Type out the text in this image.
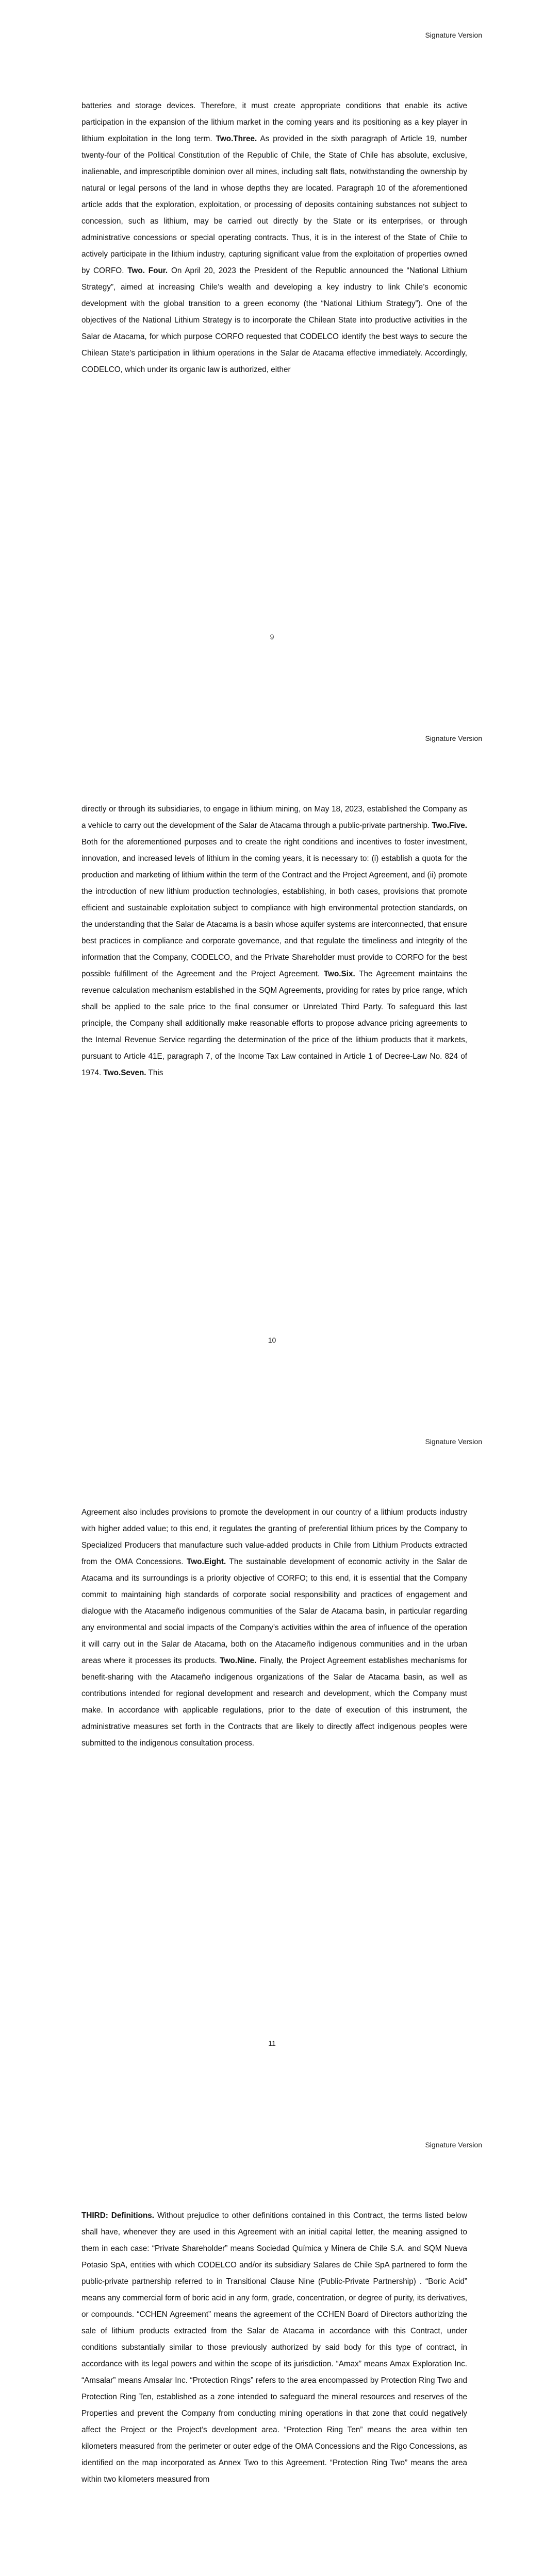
Signature Version
batteries and storage devices. Therefore, it must create appropriate conditions that enable its active participation in the expansion of the lithium market in the coming years and its positioning as a key player in lithium exploitation in the long term. Two.Three. As provided in the sixth paragraph of Article 19, number twenty-four of the Political Constitution of the Republic of Chile, the State of Chile has absolute, exclusive, inalienable, and imprescriptible dominion over all mines, including salt flats, notwithstanding the ownership by natural or legal persons of the land in whose depths they are located. Paragraph 10 of the aforementioned article adds that the exploration, exploitation, or processing of deposits containing substances not subject to concession, such as lithium, may be carried out directly by the State or its enterprises, or through administrative concessions or special operating contracts. Thus, it is in the interest of the State of Chile to actively participate in the lithium industry, capturing significant value from the exploitation of properties owned by CORFO. Two. Four. On April 20, 2023 the President of the Republic announced the “National Lithium Strategy”, aimed at increasing Chile’s wealth and developing a key industry to link Chile’s economic development with the global transition to a green economy (the “National Lithium Strategy”). One of the objectives of the National Lithium Strategy is to incorporate the Chilean State into productive activities in the Salar de Atacama, for which purpose CORFO requested that CODELCO identify the best ways to secure the Chilean State’s participation in lithium operations in the Salar de Atacama effective immediately. Accordingly, CODELCO, which under its organic law is authorized, either
9
Signature Version
directly or through its subsidiaries, to engage in lithium mining, on May 18, 2023, established the Company as a vehicle to carry out the development of the Salar de Atacama through a public-private partnership. Two.Five. Both for the aforementioned purposes and to create the right conditions and incentives to foster investment, innovation, and increased levels of lithium in the coming years, it is necessary to: (i) establish a quota for the production and marketing of lithium within the term of the Contract and the Project Agreement, and (ii) promote the introduction of new lithium production technologies, establishing, in both cases, provisions that promote efficient and sustainable exploitation subject to compliance with high environmental protection standards, on the understanding that the Salar de Atacama is a basin whose aquifer systems are interconnected, that ensure best practices in compliance and corporate governance, and that regulate the timeliness and integrity of the information that the Company, CODELCO, and the Private Shareholder must provide to CORFO for the best possible fulfillment of the Agreement and the Project Agreement. Two.Six. The Agreement maintains the revenue calculation mechanism established in the SQM Agreements, providing for rates by price range, which shall be applied to the sale price to the final consumer or Unrelated Third Party. To safeguard this last principle, the Company shall additionally make reasonable efforts to propose advance pricing agreements to the Internal Revenue Service regarding the determination of the price of the lithium products that it markets, pursuant to Article 41E, paragraph 7, of the Income Tax Law contained in Article 1 of Decree-Law No. 824 of 1974. Two.Seven. This
10
Signature Version
Agreement also includes provisions to promote the development in our country of a lithium products industry with higher added value; to this end, it regulates the granting of preferential lithium prices by the Company to Specialized Producers that manufacture such value-added products in Chile from Lithium Products extracted from the OMA Concessions. Two.Eight. The sustainable development of economic activity in the Salar de Atacama and its surroundings is a priority objective of CORFO; to this end, it is essential that the Company commit to maintaining high standards of corporate social responsibility and practices of engagement and dialogue with the Atacameño indigenous communities of the Salar de Atacama basin, in particular regarding any environmental and social impacts of the Company’s activities within the area of influence of the operation it will carry out in the Salar de Atacama, both on the Atacameño indigenous communities and in the urban areas where it processes its products. Two.Nine. Finally, the Project Agreement establishes mechanisms for benefit-sharing with the Atacameño indigenous organizations of the Salar de Atacama basin, as well as contributions intended for regional development and research and development, which the Company must make. In accordance with applicable regulations, prior to the date of execution of this instrument, the administrative measures set forth in the Contracts that are likely to directly affect indigenous peoples were submitted to the indigenous consultation process.
11
Signature Version
THIRD: Definitions. Without prejudice to other definitions contained in this Contract, the terms listed below shall have, whenever they are used in this Agreement with an initial capital letter, the meaning assigned to them in each case: “Private Shareholder” means Sociedad Química y Minera de Chile S.A. and SQM Nueva Potasio SpA, entities with which CODELCO and/or its subsidiary Salares de Chile SpA partnered to form the public-private partnership referred to in Transitional Clause Nine (Public-Private Partnership) . “Boric Acid” means any commercial form of boric acid in any form, grade, concentration, or degree of purity, its derivatives, or compounds. “CCHEN Agreement” means the agreement of the CCHEN Board of Directors authorizing the sale of lithium products extracted from the Salar de Atacama in accordance with this Contract, under conditions substantially similar to those previously authorized by said body for this type of contract, in accordance with its legal powers and within the scope of its jurisdiction. “Amax” means Amax Exploration Inc. “Amsalar” means Amsalar Inc. “Protection Rings” refers to the area encompassed by Protection Ring Two and Protection Ring Ten, established as a zone intended to safeguard the mineral resources and reserves of the Properties and prevent the Company from conducting mining operations in that zone that could negatively affect the Project or the Project’s development area. “Protection Ring Ten” means the area within ten kilometers measured from the perimeter or outer edge of the OMA Concessions and the Rigo Concessions, as identified on the map incorporated as Annex Two to this Agreement. “Protection Ring Two” means the area within two kilometers measured from
